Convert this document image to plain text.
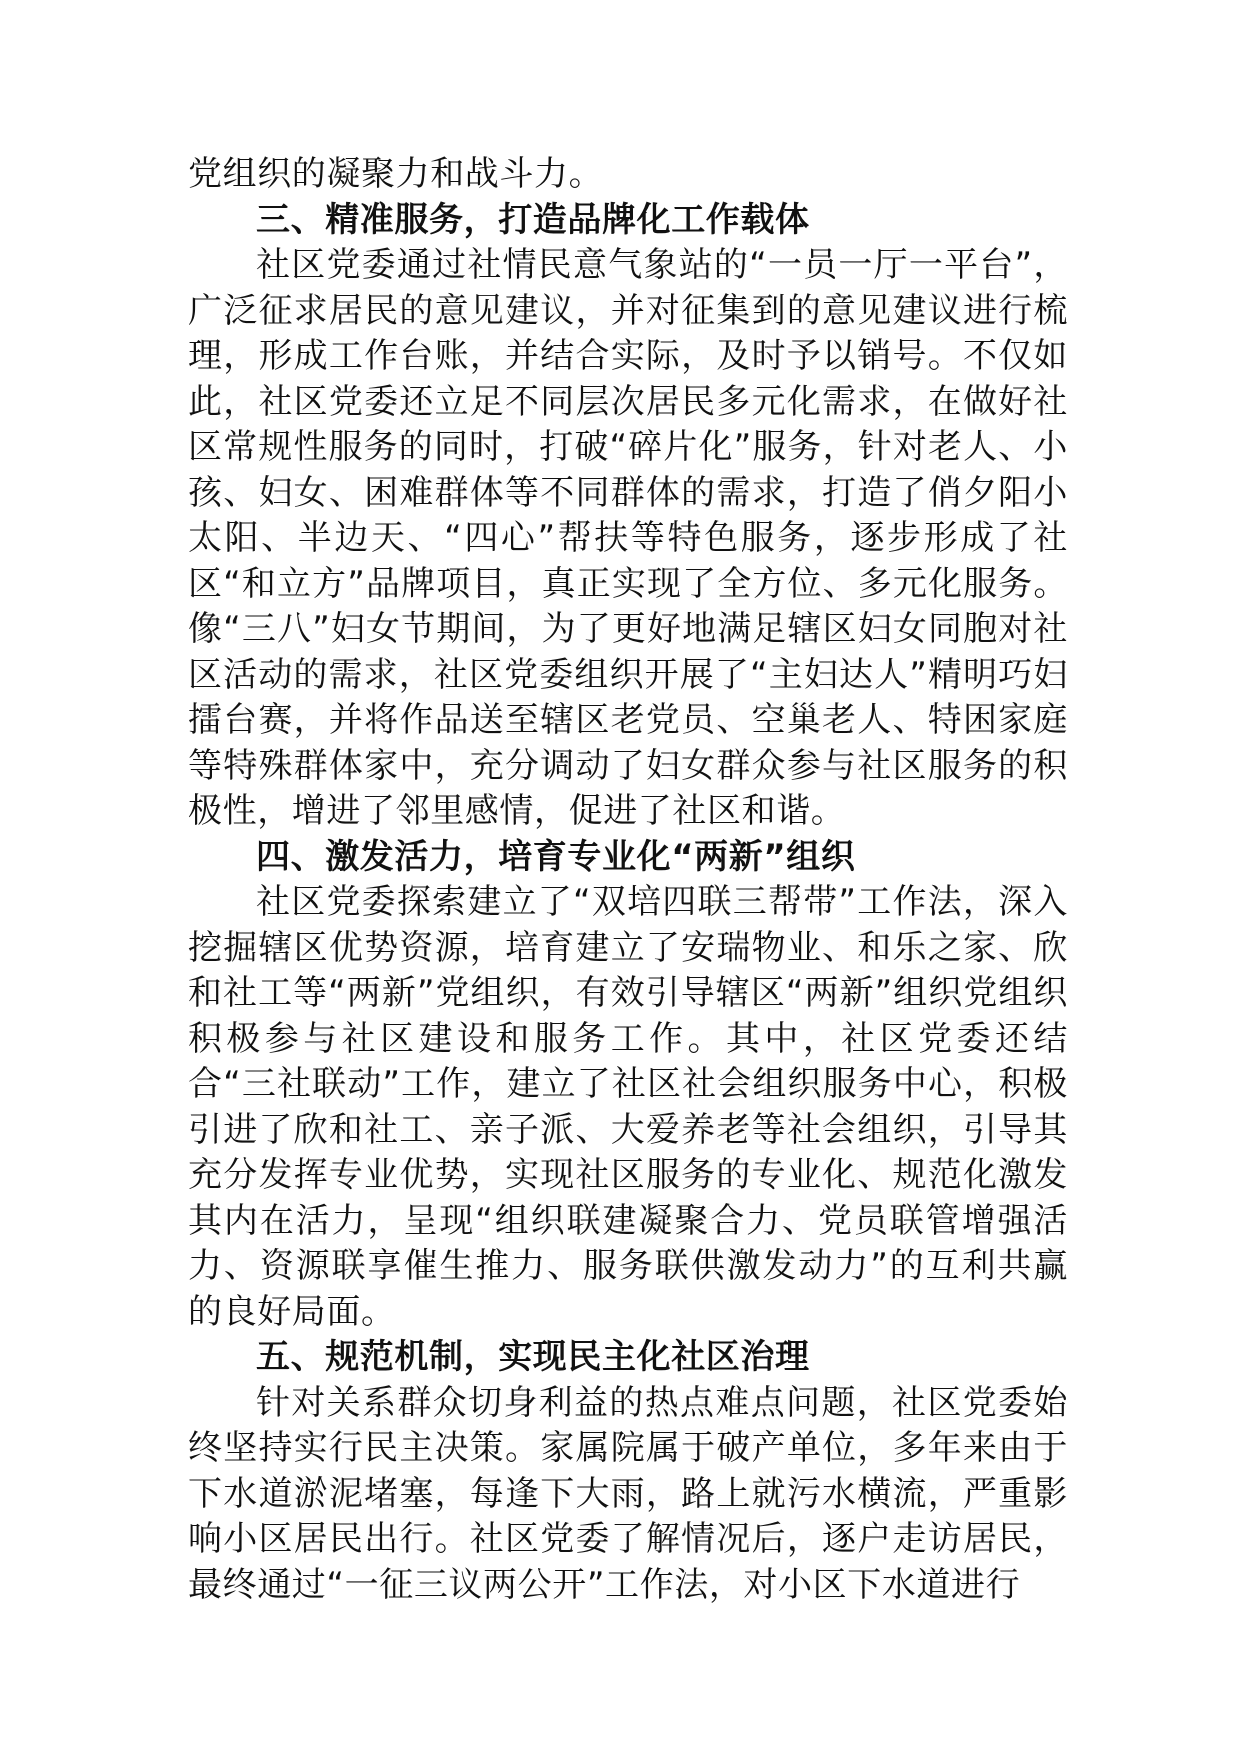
党组织的凝聚力和战斗力。

三、精准服务，打造品牌化工作载体

社区党委通过社情民意气象站的“一员一厅一平台”，广泛征求居民的意见建议，并对征集到的意见建议进行梳理，形成工作台账，并结合实际，及时予以销号。不仅如此，社区党委还立足不同层次居民多元化需求，在做好社区常规性服务的同时，打破“碎片化”服务，针对老人、小孩、妇女、困难群体等不同群体的需求，打造了俏夕阳小太阳、半边天、“四心”帮扶等特色服务，逐步形成了社区“和立方”品牌项目，真正实现了全方位、多元化服务。像“三八”妇女节期间，为了更好地满足辖区妇女同胞对社区活动的需求，社区党委组织开展了“主妇达人”精明巧妇擂台赛，并将作品送至辖区老党员、空巢老人、特困家庭等特殊群体家中，充分调动了妇女群众参与社区服务的积极性，增进了邻里感情，促进了社区和谐。

四、激发活力，培育专业化“两新”组织

社区党委探索建立了“双培四联三帮带”工作法，深入挖掘辖区优势资源，培育建立了安瑞物业、和乐之家、欣和社工等“两新”党组织，有效引导辖区“两新”组织党组织积极参与社区建设和服务工作。其中，社区党委还结合“三社联动”工作，建立了社区社会组织服务中心，积极引进了欣和社工、亲子派、大爱养老等社会组织，引导其充分发挥专业优势，实现社区服务的专业化、规范化激发其内在活力，呈现“组织联建凝聚合力、党员联管增强活力、资源联享催生推力、服务联供激发动力”的互利共赢的良好局面。

五、规范机制，实现民主化社区治理

针对关系群众切身利益的热点难点问题，社区党委始终坚持实行民主决策。家属院属于破产单位，多年来由于下水道淤泥堵塞，每逢下大雨，路上就污水横流，严重影响小区居民出行。社区党委了解情况后，逐户走访居民，最终通过“一征三议两公开”工作法，对小区下水道进行
